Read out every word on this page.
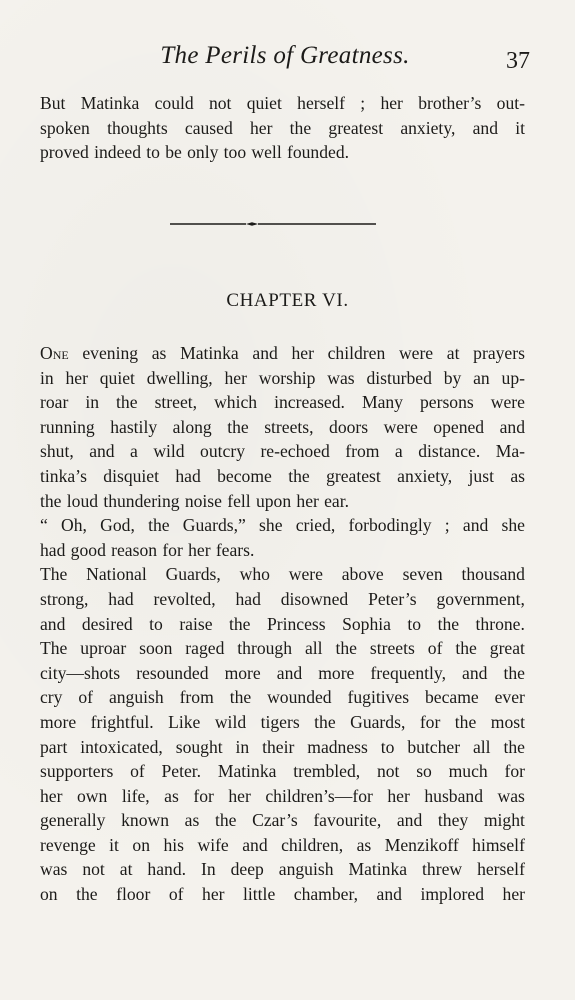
The Perils of Greatness.	37
But Matinka could not quiet herself ; her brother’s out-
spoken thoughts caused her the greatest anxiety, and it
proved indeed to be only too well founded.
CHAPTER VI.
One evening as Matinka and her children were at prayers
in her quiet dwelling, her worship was disturbed by an up-
roar in the street, which increased. Many persons were
running hastily along the streets, doors were opened and
shut, and a wild outcry re-echoed from a distance. Ma-
tinka’s disquiet had become the greatest anxiety, just as
the loud thundering noise fell upon her ear.
“ Oh, God, the Guards,” she cried, forbodingly ; and she
had good reason for her fears.
The National Guards, who were above seven thousand
strong, had revolted, had disowned Peter’s government,
and desired to raise the Princess Sophia to the throne.
The uproar soon raged through all the streets of the great
city—shots resounded more and more frequently, and the
cry of anguish from the wounded fugitives became ever
more frightful. Like wild tigers the Guards, for the most
part intoxicated, sought in their madness to butcher all the
supporters of Peter. Matinka trembled, not so much for
her own life, as for her children’s—for her husband was
generally known as the Czar’s favourite, and they might
revenge it on his wife and children, as Menzikoff himself
was not at hand. In deep anguish Matinka threw herself
on the floor of her little chamber, and implored her
